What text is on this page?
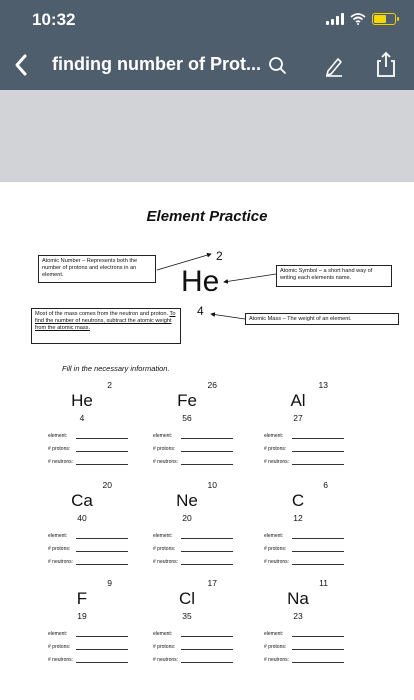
10:32
finding number of Prot...
Element Practice
Atomic Number – Represents both the number of protons and electrons in an element.
Atomic Symbol – a short hand way of writing each elements name.
Most of the mass comes from the neutron and proton. To find the number of neutrons, subtract the atomic weight from the atomic mass.
Atomic Mass – The weight of an element.
2
He
4
Fill in the necessary information.
2
He
4
element:
# protons:
# neutrons:
26
Fe
56
element:
# protons:
# neutrons:
13
Al
27
element:
# protons:
# neutrons:
20
Ca
40
element:
# protons:
# neutrons:
10
Ne
20
element:
# protons:
# neutrons:
6
C
12
element:
# protons:
# neutrons:
9
F
19
element:
# protons:
# neutrons:
17
Cl
35
element:
# protons:
# neutrons:
11
Na
23
element:
# protons:
# neutrons:
